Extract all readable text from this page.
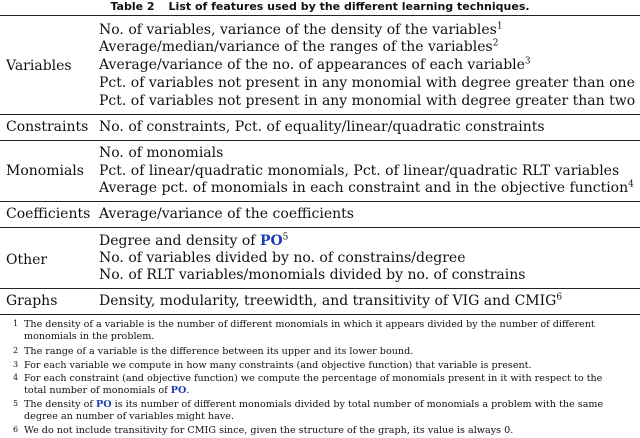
Table 2 List of features used by the different learning techniques.
Variables
No. of variables, variance of the density of the variables$^1$
Average/median/variance of the ranges of the variables$^2$
Average/variance of the no. of appearances of each variable$^3$
Pct. of variables not present in any monomial with degree greater than one
Pct. of variables not present in any monomial with degree greater than two
Constraints No. of constraints, Pct. of equality/linear/quadratic constraints
Monomials
No. of monomials
Pct. of linear/quadratic monomials, Pct. of linear/quadratic RLT variables
Average pct. of monomials in each constraint and in the objective function$^4$
Coefficients Average/variance of the coefficients
Other
Degree and density of $PO^5$
No. of variables divided by no. of constrains/degree
No. of RLT variables/monomials divided by no. of constrains
Graphs	Density, modularity, treewidth, and transitivity of VIG and CMIG$^6$
1 The density of a variable is the number of different monomials in which it appears divided by the number of different
monomials in the problem.
2 The range of a variable is the difference between its upper and its lower bound.
3 For each variable we compute in how many constraints (and objective function) that variable is present.
4 For each constraint (and objective function) we compute the percentage of monomials present in it with respect to the
total number of monomials of PO.
5 The density of PO is its number of different monomials divided by total number of monomials a problem with the same
degree an number of variables might have.
6 We do not include transitivity for CMIG since, given the structure of the graph, its value is always 0.
